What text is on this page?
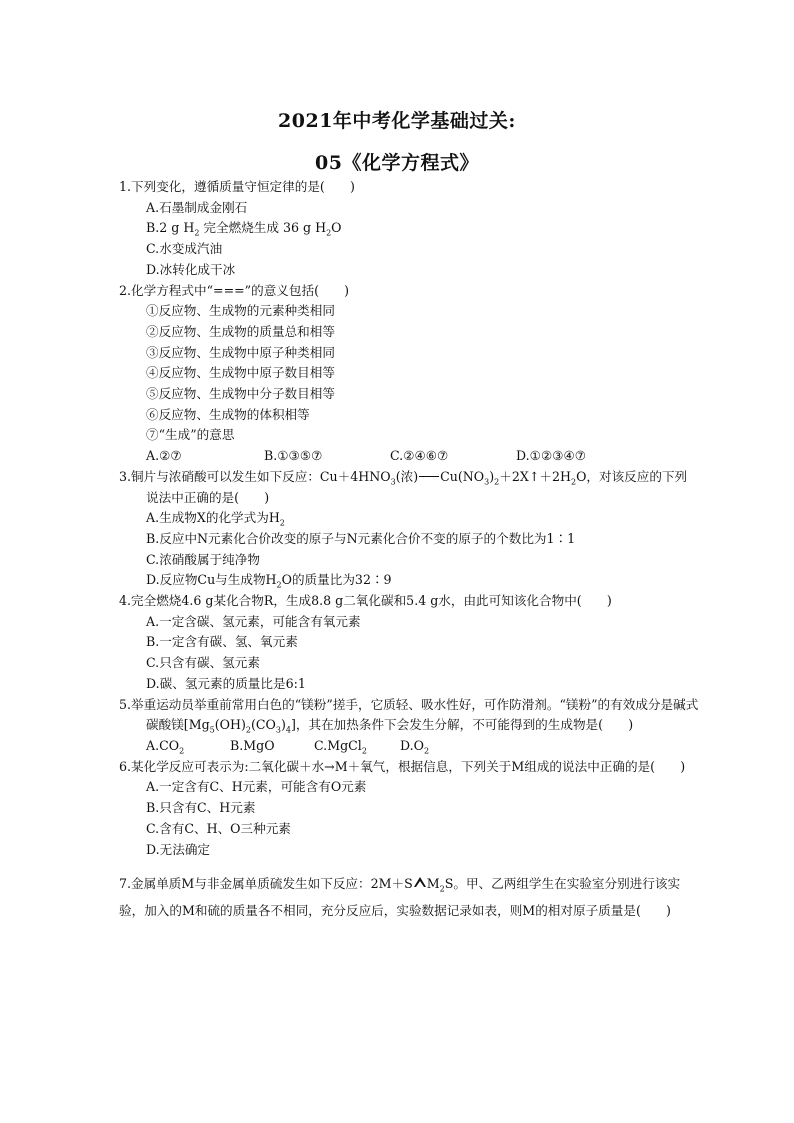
2021年中考化学基础过关:
05《化学方程式》

1.下列变化，遵循质量守恒定律的是(　　)

A.石墨制成金刚石

B.2 g $H_2$ 完全燃烧生成 36 g $H_2O$

C.水变成汽油

D.冰转化成干冰

2.化学方程式中“===”的意义包括(　　)

①反应物、生成物的元素种类相同

②反应物、生成物的质量总和相等

③反应物、生成物中原子种类相同

④反应物、生成物中原子数目相等

⑤反应物、生成物中分子数目相等

⑥反应物、生成物的体积相等

⑦“生成”的意思

A.②⑦	B.①③⑤⑦	C.②④⑥⑦	D.①②③④⑦

3.铜片与浓硝酸可以发生如下反应：$Cu+4HNO_3$(浓) $Cu(NO_3)_2+2X↑+2H_2O$，对该反应的下列说法中正确的是(　　)

A.生成物X的化学式为$H_2$

B.反应中N元素化合价改变的原子与N元素化合价不变的原子的个数比为1∶1

C.浓硝酸属于纯净物

D.反应物Cu与生成物$H_2O$的质量比为32∶9

4.完全燃烧4.6 g某化合物R，生成8.8 g二氧化碳和5.4 g水，由此可知该化合物中(　　)

A.一定含碳、氢元素，可能含有氧元素

B.一定含有碳、氢、氧元素

C.只含有碳、氢元素

D.碳、氢元素的质量比是6:1

5.举重运动员举重前常用白色的“镁粉”搓手，它质轻、吸水性好，可作防滑剂。“镁粉”的有效成分是碱式碳酸镁$[Mg_5(OH)_2(CO_3)_4]$，其在加热条件下会发生分解，不可能得到的生成物是(　　)

$A.CO_2$	B.MgO	C.MgCl$_2$	$D.O_2$

6.某化学反应可表示为:二氧化碳＋水→M＋氧气，根据信息，下列关于M组成的说法中正确的是(　　)

A.一定含有C、H元素，可能含有O元素

B.只含有C、H元素

C.含有C、H、O三种元素

D.无法确定

7.金属单质M与非金属单质硫发生如下反应：2M＋S $M_2S$。甲、乙两组学生在实验室分别进行该实验，加入的M和硫的质量各不相同，充分反应后，实验数据记录如表，则M的相对原子质量是(　　)
